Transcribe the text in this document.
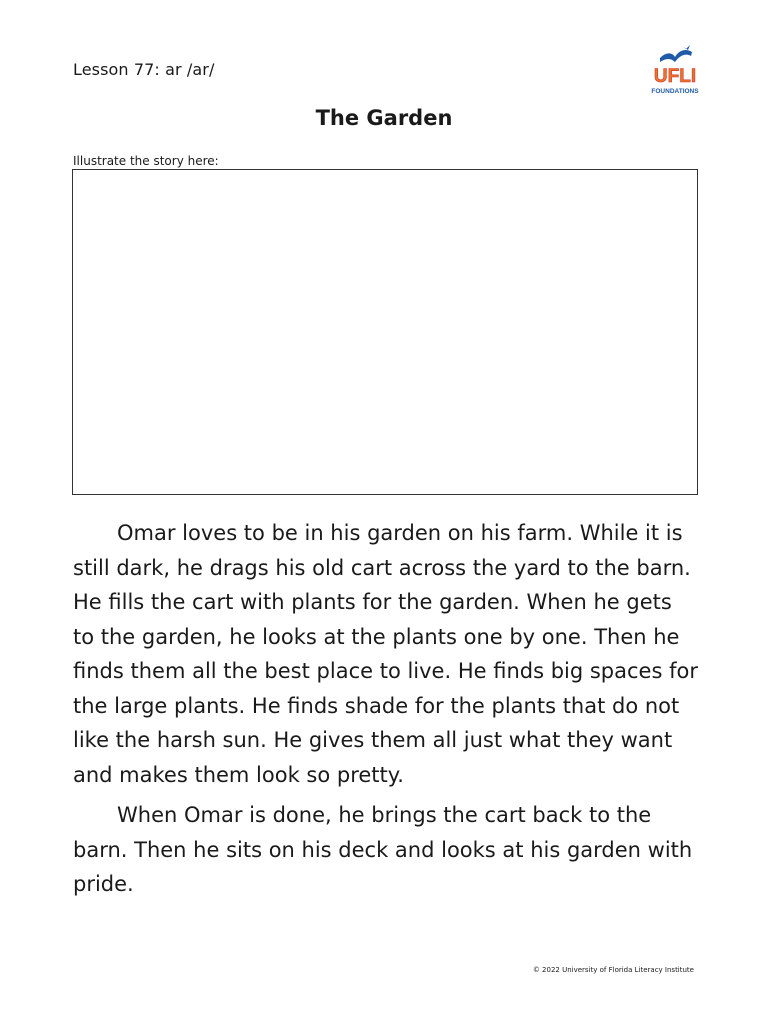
Lesson 77: ar /ar/	UFLI
FOUNDATIONS
The Garden
Illustrate the story here:

Omar loves to be in his garden on his farm. While it is still dark, he drags his old cart across the yard to the barn. He fills the cart with plants for the garden. When he gets to the garden, he looks at the plants one by one. Then he finds them all the best place to live. He finds big spaces for the large plants. He finds shade for the plants that do not like the harsh sun. He gives them all just what they want and makes them look so pretty.

When Omar is done, he brings the cart back to the barn. Then he sits on his deck and looks at his garden with pride.

© 2022 University of Florida Literacy Institute
